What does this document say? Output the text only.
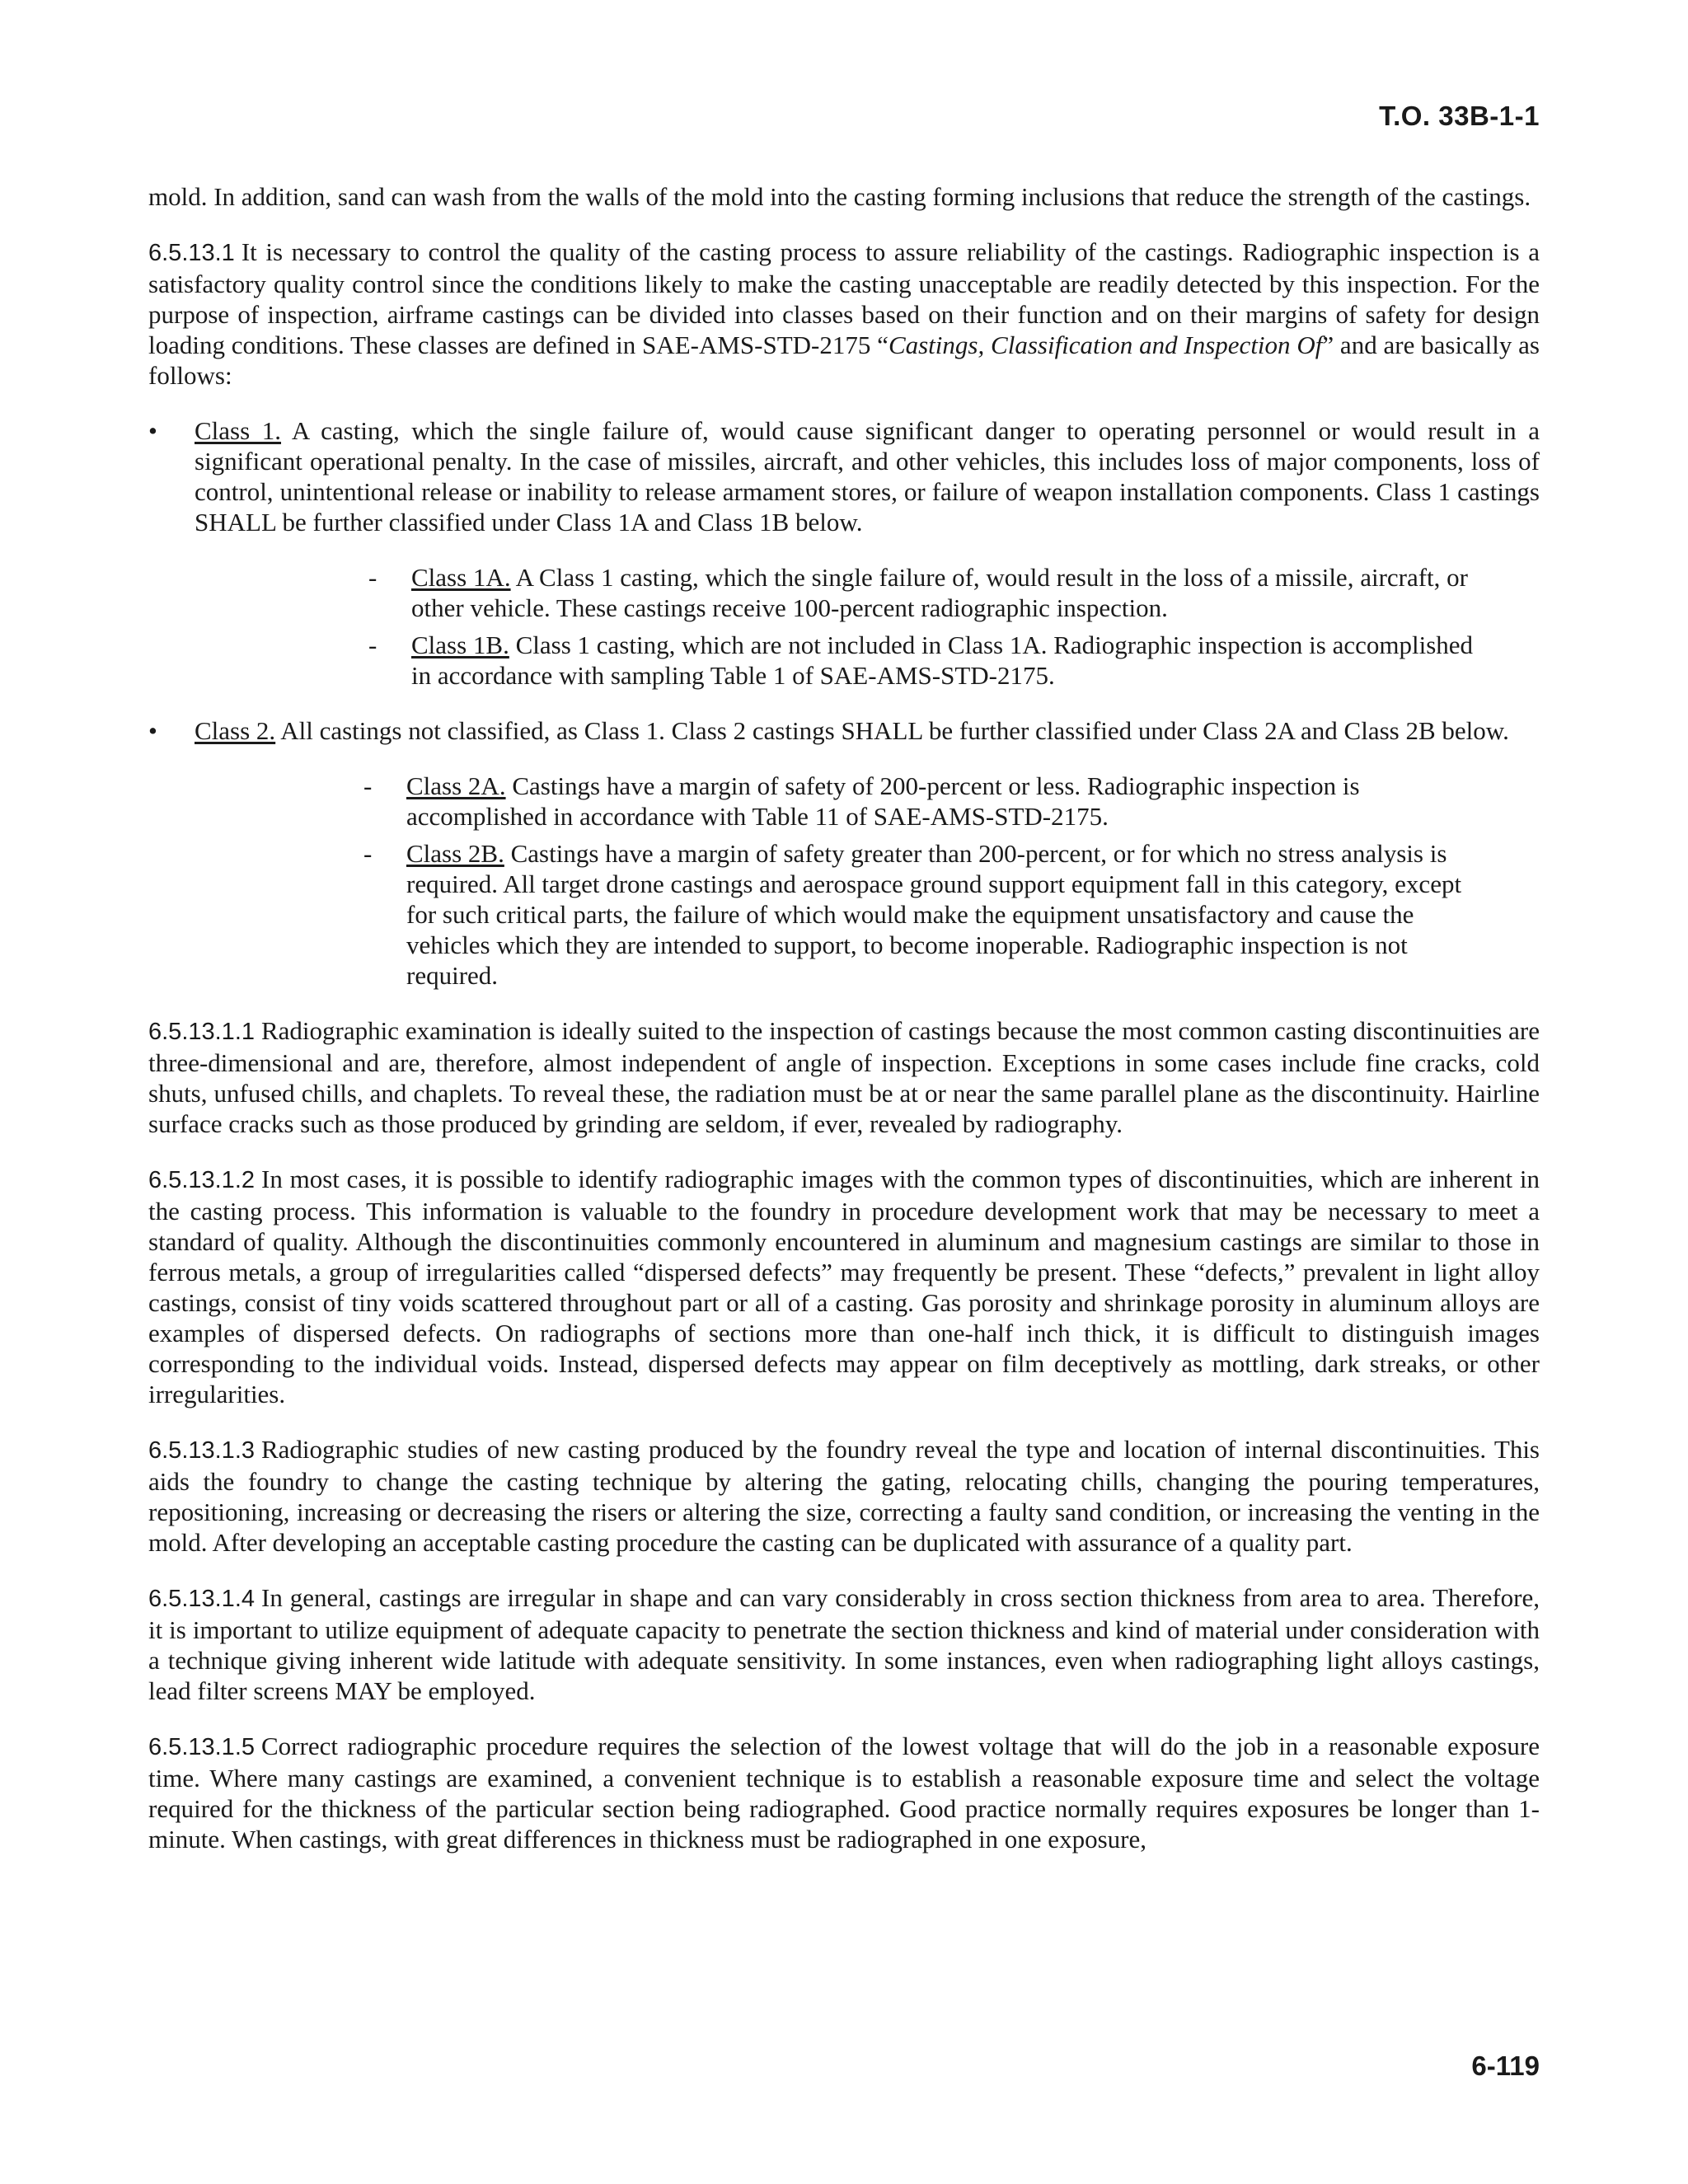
T.O. 33B-1-1

mold. In addition, sand can wash from the walls of the mold into the casting forming inclusions that reduce the strength of the castings.

6.5.13.1 It is necessary to control the quality of the casting process to assure reliability of the castings. Radiographic inspection is a satisfactory quality control since the conditions likely to make the casting unacceptable are readily detected by this inspection. For the purpose of inspection, airframe castings can be divided into classes based on their function and on their margins of safety for design loading conditions. These classes are defined in SAE-AMS-STD-2175 “Castings, Classification and Inspection Of” and are basically as follows:

• Class 1. A casting, which the single failure of, would cause significant danger to operating personnel or would result in a significant operational penalty. In the case of missiles, aircraft, and other vehicles, this includes loss of major components, loss of control, unintentional release or inability to release armament stores, or failure of weapon installation components. Class 1 castings SHALL be further classified under Class 1A and Class 1B below.
- Class 1A. A Class 1 casting, which the single failure of, would result in the loss of a missile, aircraft, or other vehicle. These castings receive 100-percent radiographic inspection.
- Class 1B. Class 1 casting, which are not included in Class 1A. Radiographic inspection is accomplished in accordance with sampling Table 1 of SAE-AMS-STD-2175.
• Class 2. All castings not classified, as Class 1. Class 2 castings SHALL be further classified under Class 2A and Class 2B below.
- Class 2A. Castings have a margin of safety of 200-percent or less. Radiographic inspection is accomplished in accordance with Table 11 of SAE-AMS-STD-2175.
- Class 2B. Castings have a margin of safety greater than 200-percent, or for which no stress analysis is required. All target drone castings and aerospace ground support equipment fall in this category, except for such critical parts, the failure of which would make the equipment unsatisfactory and cause the vehicles which they are intended to support, to become inoperable. Radiographic inspection is not required.

6.5.13.1.1 Radiographic examination is ideally suited to the inspection of castings because the most common casting discontinuities are three-dimensional and are, therefore, almost independent of angle of inspection. Exceptions in some cases include fine cracks, cold shuts, unfused chills, and chaplets. To reveal these, the radiation must be at or near the same parallel plane as the discontinuity. Hairline surface cracks such as those produced by grinding are seldom, if ever, revealed by radiography.

6.5.13.1.2 In most cases, it is possible to identify radiographic images with the common types of discontinuities, which are inherent in the casting process. This information is valuable to the foundry in procedure development work that may be necessary to meet a standard of quality. Although the discontinuities commonly encountered in aluminum and magnesium castings are similar to those in ferrous metals, a group of irregularities called “dispersed defects” may frequently be present. These “defects,” prevalent in light alloy castings, consist of tiny voids scattered throughout part or all of a casting. Gas porosity and shrinkage porosity in aluminum alloys are examples of dispersed defects. On radiographs of sections more than one-half inch thick, it is difficult to distinguish images corresponding to the individual voids. Instead, dispersed defects may appear on film deceptively as mottling, dark streaks, or other irregularities.

6.5.13.1.3 Radiographic studies of new casting produced by the foundry reveal the type and location of internal discontinuities. This aids the foundry to change the casting technique by altering the gating, relocating chills, changing the pouring temperatures, repositioning, increasing or decreasing the risers or altering the size, correcting a faulty sand condition, or increasing the venting in the mold. After developing an acceptable casting procedure the casting can be duplicated with assurance of a quality part.

6.5.13.1.4 In general, castings are irregular in shape and can vary considerably in cross section thickness from area to area. Therefore, it is important to utilize equipment of adequate capacity to penetrate the section thickness and kind of material under consideration with a technique giving inherent wide latitude with adequate sensitivity. In some instances, even when radiographing light alloys castings, lead filter screens MAY be employed.

6.5.13.1.5 Correct radiographic procedure requires the selection of the lowest voltage that will do the job in a reasonable exposure time. Where many castings are examined, a convenient technique is to establish a reasonable exposure time and select the voltage required for the thickness of the particular section being radiographed. Good practice normally requires exposures be longer than 1-minute. When castings, with great differences in thickness must be radiographed in one exposure,

6-119
